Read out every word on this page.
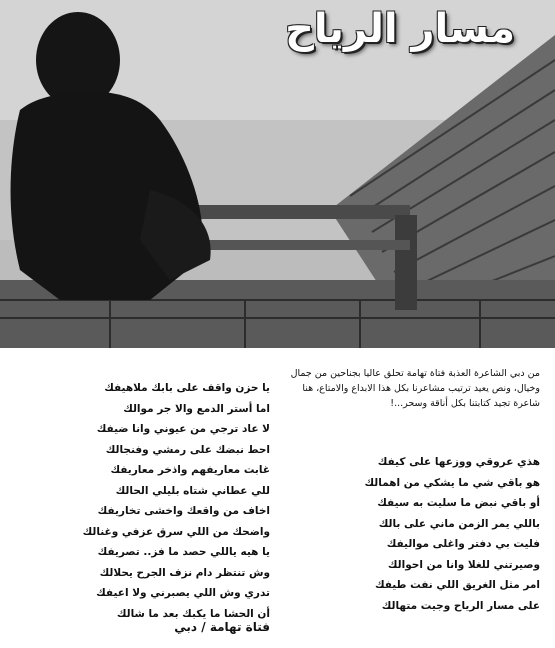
مسار الرياح
من دبي الشاعرة العذبة فتاة تهامة تحلق عاليا بجناحين من جمال وخيال، ونص يعيد ترتيب مشاعرنا بكل هذا الابداع والامتاع، هنا شاعرة تجيد كتابتنا بكل أناقة وسحر...!
هذي عروقي ووزعها على كيفك
هو باقي شي ما يشكي من اهمالك
أو باقي نبض ما سليت به سيفك
باللي يمر الزمن ماني على بالك
فليت بي دفتر واغلى مواليفك
وصيرتني للغلا وانا من احوالك
امر مثل الغريق اللي نفت طيفك
على مسار الرياح وجيت متهالك
يا حزن واقف على بابك ملاهيفك
اما أستر الدمع والا جر موالك
لا عاد ترجي من عيوني وانا ضيفك
احط نبضك على رمشي وفنجالك
غابت معاريفهم واذخر معاريفك
للي عطاني شتاه بليلي الحالك
اخاف من واقعك واخشى تخاريفك
واضحك من اللي سرق عزفي وغنالك
يا هيه ياللي حصد ما فز.. تصريفك
وش تنتظر دام نزف الجرح يحلالك
تدري وش اللي يصبرني ولا اعيفك
أن الحشا ما يكبك بعد ما شالك
فتاة تهامة / دبي
